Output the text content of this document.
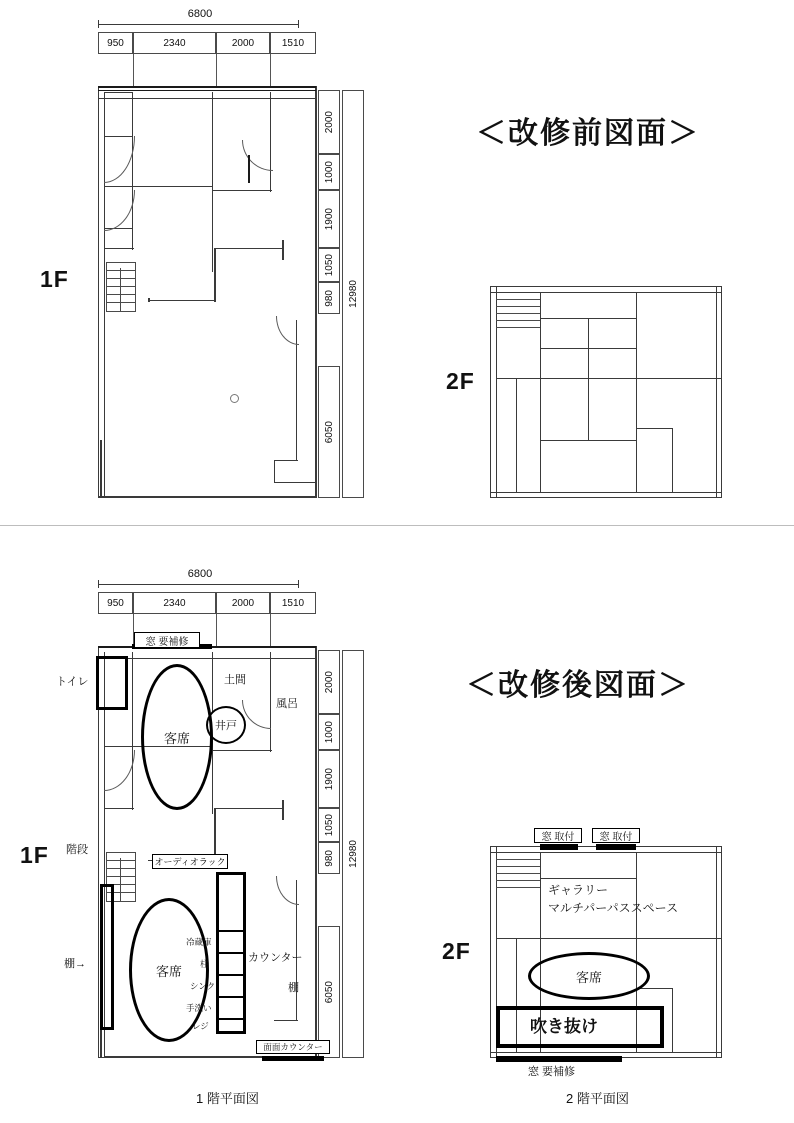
＜改修前図面＞
6800
950	2340	2000	1510
1F
2000
1000
1900
1050
980
6050
12980
2F
＜改修後図面＞
6800
950	2340	2000	1510
1F
2000
1000
1900
1050
980
6050
12980
窓 要補修
トイレ	土間
風呂
井戸
客席
客席
階段
オーディオラック
棚→
冷蔵庫
柱
シンク
手洗い
レジ
カウンター
棚
面面カウンター
1 階平面図
2F
窓 取付	窓 取付
ギャラリー
マルチパーパススペース
客席
吹き抜け
窓 要補修
2 階平面図
